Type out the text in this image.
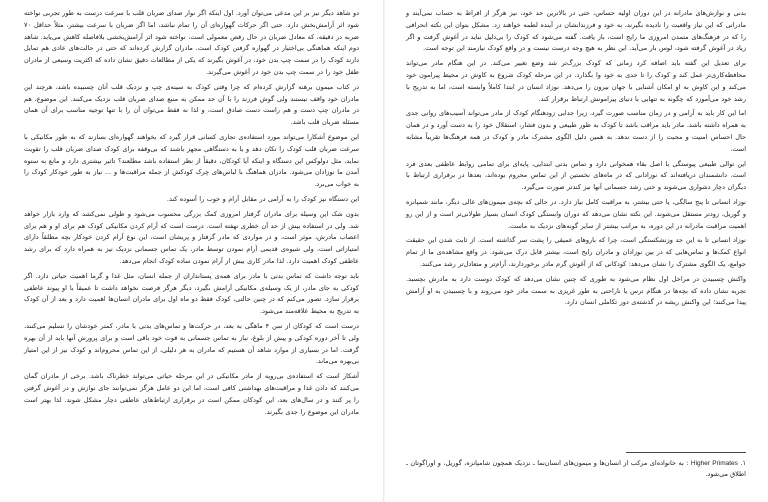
دو شاهد دیگر نیز بر این مدعی می‌توان آورد. اول اینکه اگر نوار صدای ضربان قلب با سرعت درست به طور تجربی نواخته شود اثر آرامش‌بخش دارد. حتی اگر حرکات گهواره‌ای آن را تمام نباشد، اما اگر ضربان با سرعت بیشتر، مثلاً حداقل ۷۰ ضربه در دقیقه، که معادل ضربان در حال رقص معمولی است، نواخته شود اثر آرامش‌بخشی بلافاصله کاهش می‌یابد. شاهد دوم اینکه هماهنگی بی‌اختیار در گهواره گرفتن کودک است. مادران گزارش کرده‌اند که حتی در حالت‌های عادی هم تمایل دارند کودک را در سمت چپ بدن خود، در آغوش بگیرند که یکی از مطالعات دقیق نشان داده که اکثریت وسیعی از مادران طفل خود را در سمت چپ بدن خود در آغوش می‌گیرند.

در کتاب میمون برهنه گزارش کرده‌ام که چرا وقتی کودک به سینه‌ی چپ و نزدیک قلب آنان چسبیده باشد، هرچند این مادران خود واقف نیستند ولی گوش فرزند را با آن حد ممکن به منبع صدای ضربان قلب نزدیک می‌کنند. این موضوع، هم در مادران چپ دست و هم راست دست صادق است، و لذا نه فقط می‌توان آن را با تنها توجیه مناسب برای آن همان مسئله ضربان قلب باشد.

این موضوع آشکارا می‌تواند مورد استفاده‌ی تجاری کسانی قرار گیرد که بخواهند گهواره‌ای بسازند که به طور مکانیکی با سرعت ضربان قلب کودک را تکان دهد و یا به دستگاهی مجهز باشند که بی‌وقفه برای کودک صدای ضربان قلب را تقویت نماید، مثل دولوکس این دستگاه و اینکه آیا کودکان، دقیقاً از نظر استفاده باشد مطلعند؟ تاثیر بیشتری دارد و مانع به ستوه آمدن ما نوزادان می‌شود. مادران هماهنگ با لباس‌های چرک کودکش از جمله مراقبت‌ها و ... نیاز به طور خودکار کودک را به خواب می‌برد.

این دستگاه نیز کودک را به آرامی در مقابل آرام و خوب را آسوده کند.

بدون شک این وسیله برای مادران گرفتار امروزی کمک بزرگی محسوب می‌شود و طولی نمی‌کشد که وارد بازار خواهد شد. ولی در استفاده بیش از حد آن خطری نهفته است. درست است که آرام کردن مکانیکی کودک هم برای او و هم برای اعصاب مادرش، موثر است، و در مواردی که مادر گرفتار و پریشان است، این نوع آرام کردن خودکار بچه مطلقاً دارای امتیازاتی است. ولی شیوه‌ی قدیمی آرام نمودن توسط مادر، یک تماس جسمانی نزدیک نیز به همراه دارد که برای رشد عاطفی کودک اهمیت دارد. لذا مادر کاری بیش از آرام نمودن ساده کودک انجام می‌دهد.

باید توجه داشت که تماس بدنی با مادر برای همه‌ی پستانداران از جمله انسان، مثل غذا و گرما اهمیت حیاتی دارد. اگر کودکی به جای مادر، از یک وسیله‌ی مکانیکی آرامش بگیرد، دیگر هرگز فرصت نخواهد داشت تا عمیقاً با او پیوند عاطفی برقرار سازد. تصور می‌کنم که در چنین حالتی، کودک فقط دو ماه اول برای مادران انسان‌ها اهمیت دارد و بعد از آن کودک به تدریج به محیط علاقه‌مند می‌شود.

درست است که کودکان از سن ۴ ماهگی به بعد، در حرکت‌ها و تماس‌های بدنی با مادر، کمتر خودشان را تسلیم می‌کنند، ولی تا آخر دوره کودکی و پیش از بلوغ، نیاز به تماس جسمانی به قوت خود باقی است و برای پرورش آنها باید از آن بهره گرفت. اما در بسیاری از موارد شاهد آن هستیم که مادران به هر دلیلی، از این تماس محروم‌اند و کودک نیز از این امتیاز بی‌بهره می‌ماند.

آشکار است که استفاده‌ی بی‌رویه از مادر مکانیکی در این مرحله حیاتی می‌تواند خطرناک باشد. برخی از مادران گمان می‌کنند که دادن غذا و مراقبت‌های بهداشتی کافی است، اما این دو عامل هرگز نمی‌توانند جای نوازش و در آغوش گرفتن را پر کنند و در سال‌های بعد، این کودکان ممکن است در برقراری ارتباط‌های عاطفی دچار مشکل شوند. لذا بهتر است مادران این موضوع را جدی بگیرند.

بدنی و نوازش‌های مادرانه در این دوران اولیه حساس، حتی در بالاترین حد خود، نیز هرگز از افراط به حساب نمی‌آیند و مادرانی که این نیاز واقعیت را نادیده بگیرند، به خود و فرزندانشان در آینده لطمه خواهند زد. مشکل بتوان این نکته انحرافی را که در فرهنگ‌های متمدن امروزی ما رایج است، باز یافت. گفته می‌شود که کودک را بی‌دلیل نباید در آغوش گرفت و اگر زیاد در آغوش گرفته شود، لوس بار می‌آید. این نظر به هیچ وجه درست نیست و در واقع کودک نیازمند این توجه است.

برای تعدیل این گفته باید اضافه کرد زمانی که کودک بزرگ‌تر شد وضع تغییر می‌کند. در این هنگام مادر می‌تواند محافظه‌کاری‌تر عمل کند و کودک را تا حدی به خود وا بگذارد. در این مرحله کودک شروع به کاوش در محیط پیرامون خود می‌کند و این کاوش به او امکان آشنایی با جهان بیرون را می‌دهد. نوزاد انسان در ابتدا کاملاً وابسته است، اما به تدریج با رشد خود می‌آموزد که چگونه به تنهایی با دنیای پیرامونش ارتباط برقرار کند.

اما این کار باید به آرامی و در زمان مناسب صورت گیرد، زیرا جدایی زودهنگام کودک از مادر می‌تواند آسیب‌های روانی جدی به همراه داشته باشد. مادر باید مراقب باشد تا کودک به طور طبیعی و بدون فشار، استقلال خود را به دست آورد و در همان حال احساس امنیت و محبت را از دست ندهد. به همین دلیل الگوی مشترک مادر و کودک در همه فرهنگ‌ها تقریباً مشابه است.

این توالی طبیعی پیوستگی با اصل بقاء همخوانی دارد و تماس بدنی ابتدایی، پایه‌ای برای تمامی روابط عاطفی بعدی فرد است. دانشمندان دریافته‌اند که نوزادانی که در ماه‌های نخستین از این تماس محروم بوده‌اند، بعدها در برقراری ارتباط با دیگران دچار دشواری می‌شوند و حتی رشد جسمانی آنها نیز کندتر صورت می‌گیرد.

نوزاد انسانی تا پنج سالگی، یا حتی بیشتر، به مراقبت کامل نیاز دارد. در حالی که بچه‌ی میمون‌های عالی دیگر، مانند شمپانزه و گوریل، زودتر مستقل می‌شوند. این نکته نشان می‌دهد که دوران وابستگی کودک انسان بسیار طولانی‌تر است و از این رو اهمیت مراقبت مادرانه در این دوره، به مراتب بیشتر از سایر گونه‌های نزدیک به ماست.

نوزاد انسانی تا به این حد وزنشکستگی است، چرا که باروهای عمیقی را پشت سر گذاشته است. از ثابت شدن این حقیقت انواع کمک‌ها و تماس‌هایی که در بین نوزادان و مادران رایج است، بیشتر قابل درک می‌شود. در واقع مشاهده‌ی ما از تمام جوامع، یک الگوی مشترک را نشان می‌دهد: کودکانی که از آغوش گرم مادر برخوردارند، آرام‌تر و متعادل‌تر رشد می‌کنند.

واکنش چسبیدن در مراحل اول نظام می‌شود به طوری که چنین نشان می‌دهد که کودک دوست دارد به مادرش بچسبد. تجربه نشان داده که بچه‌ها در هنگام ترس یا ناراحتی به طور غریزی به سمت مادر خود می‌روند و با چسبیدن به او آرامش پیدا می‌کنند؛ این واکنش ریشه در گذشته‌ی دور تکاملی انسان دارد.

۱. Higher Primates : به خانواده‌ای مرکب از انسان‌ها و میمون‌های انسان‌نما ـ نزدیک همچون شامپانزه، گوریل، و اوراگوتان ـ اطلاق می‌شود.
